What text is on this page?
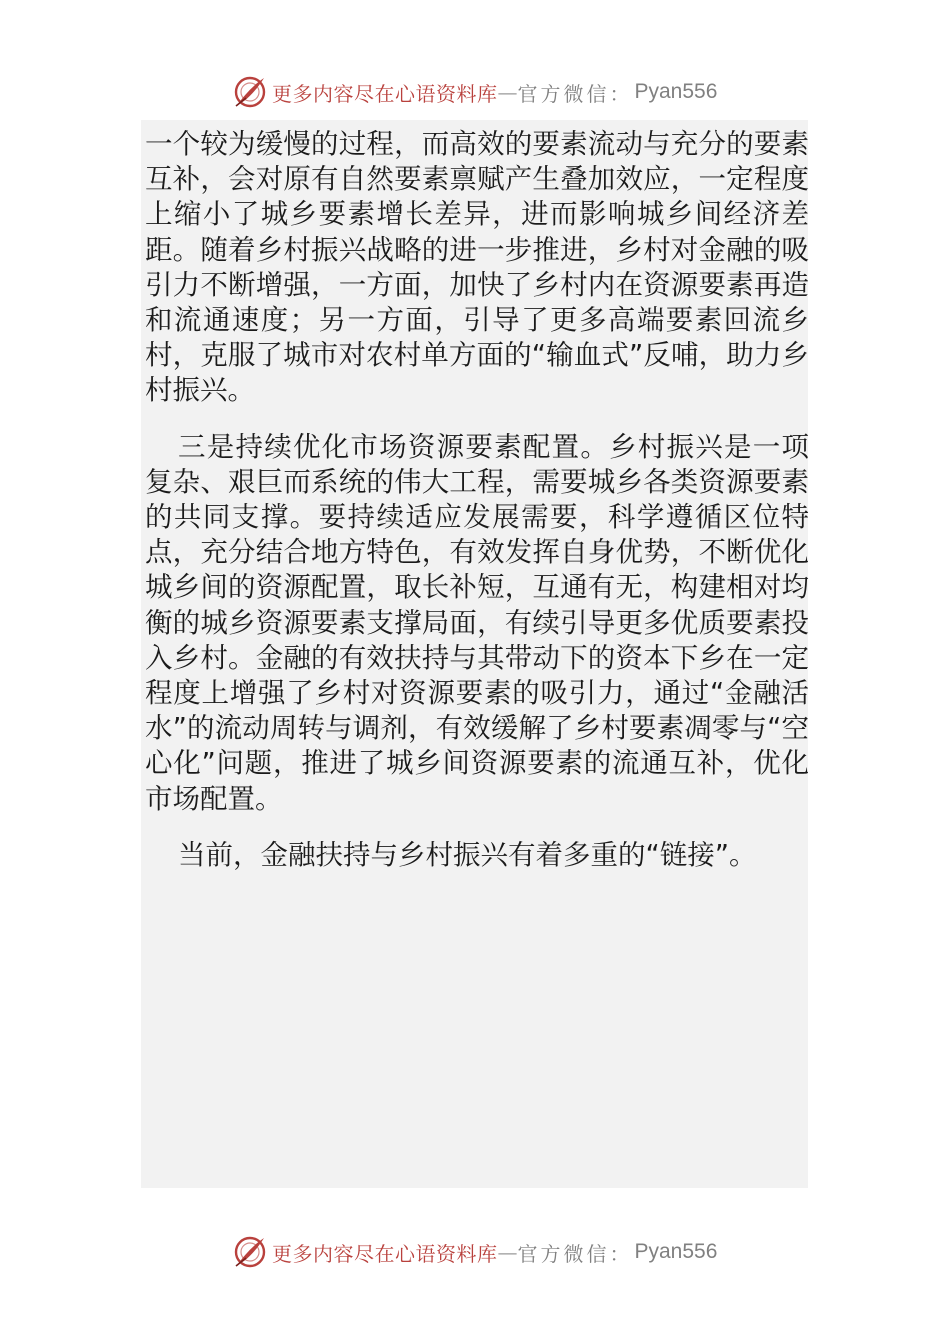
更多内容尽在心语资料库 — 官方微信： Pyan556

一个较为缓慢的过程，而高效的要素流动与充分的要素互补，会对原有自然要素禀赋产生叠加效应，一定程度上缩小了城乡要素增长差异，进而影响城乡间经济差距。随着乡村振兴战略的进一步推进，乡村对金融的吸引力不断增强，一方面，加快了乡村内在资源要素再造和流通速度；另一方面，引导了更多高端要素回流乡村，克服了城市对农村单方面的“输血式”反哺，助力乡村振兴。

三是持续优化市场资源要素配置。乡村振兴是一项复杂、艰巨而系统的伟大工程，需要城乡各类资源要素的共同支撑。要持续适应发展需要，科学遵循区位特点，充分结合地方特色，有效发挥自身优势，不断优化城乡间的资源配置，取长补短，互通有无，构建相对均衡的城乡资源要素支撑局面，有续引导更多优质要素投入乡村。金融的有效扶持与其带动下的资本下乡在一定程度上增强了乡村对资源要素的吸引力，通过“金融活水”的流动周转与调剂，有效缓解了乡村要素凋零与“空心化”问题，推进了城乡间资源要素的流通互补，优化市场配置。

当前，金融扶持与乡村振兴有着多重的“链接”。

更多内容尽在心语资料库 — 官方微信： Pyan556
